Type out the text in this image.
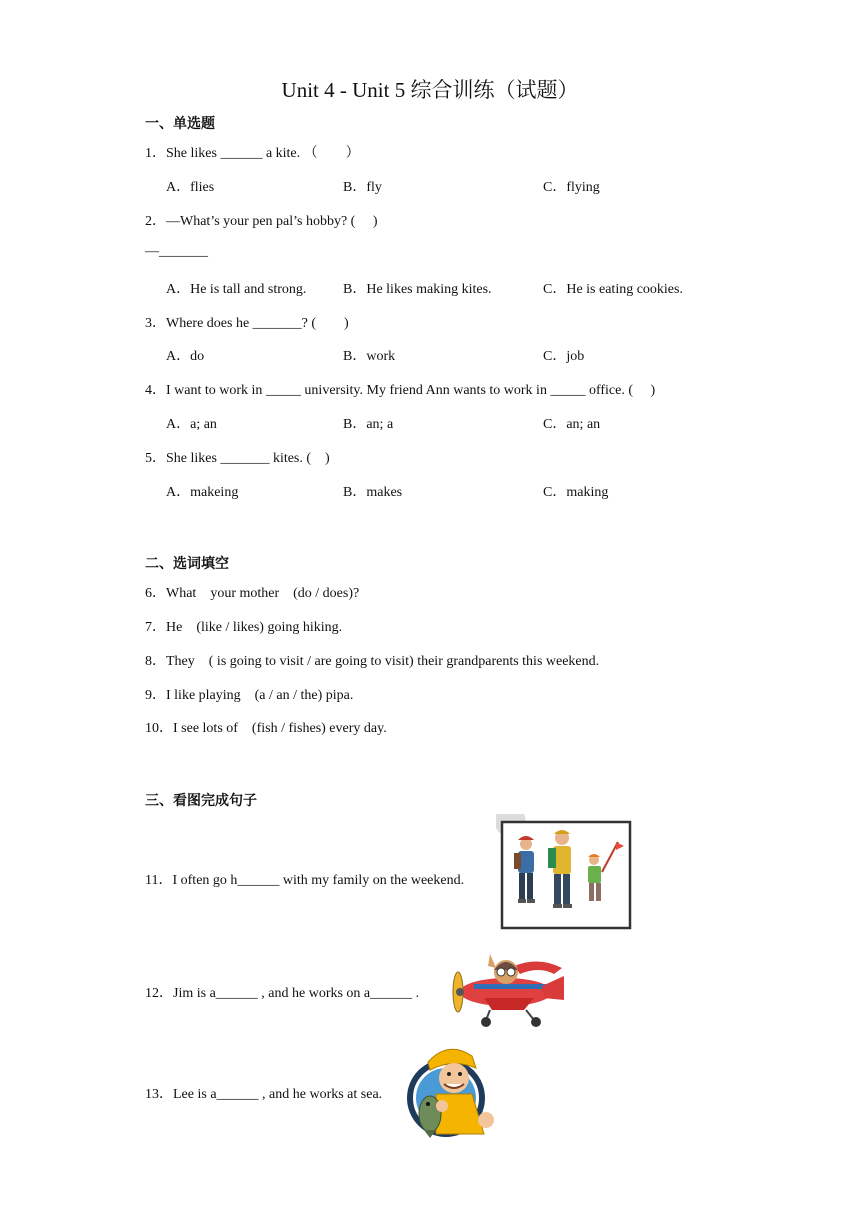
Unit 4 - Unit 5 综合训练（试题）
一、单选题
1．She likes ______ a kite. （　　）
A．flies	B．fly	C．flying
2．—What’s your pen pal’s hobby? (　 )
—_______
A．He is tall and strong.	B．He likes making kites.	C．He is eating cookies.
3．Where does he _______? (　　)
A．do	B．work	C．job
4．I want to work in _____ university. My friend Ann wants to work in _____ office. (　 )
A．a; an	B．an; a	C．an; an
5．She likes _______ kites. (　)
A．makeing	B．makes	C．making
二、选词填空
6．What　your mother　(do / does)?
7．He　(like / likes) going hiking.
8．They　( is going to visit / are going to visit) their grandparents this weekend.
9．I like playing　(a / an / the) pipa.
10．I see lots of　(fish / fishes) every day.
三、看图完成句子
11．I often go h______ with my family on the weekend.
12．Jim is a______ , and he works on a______ .
13．Lee is a______ , and he works at sea.
